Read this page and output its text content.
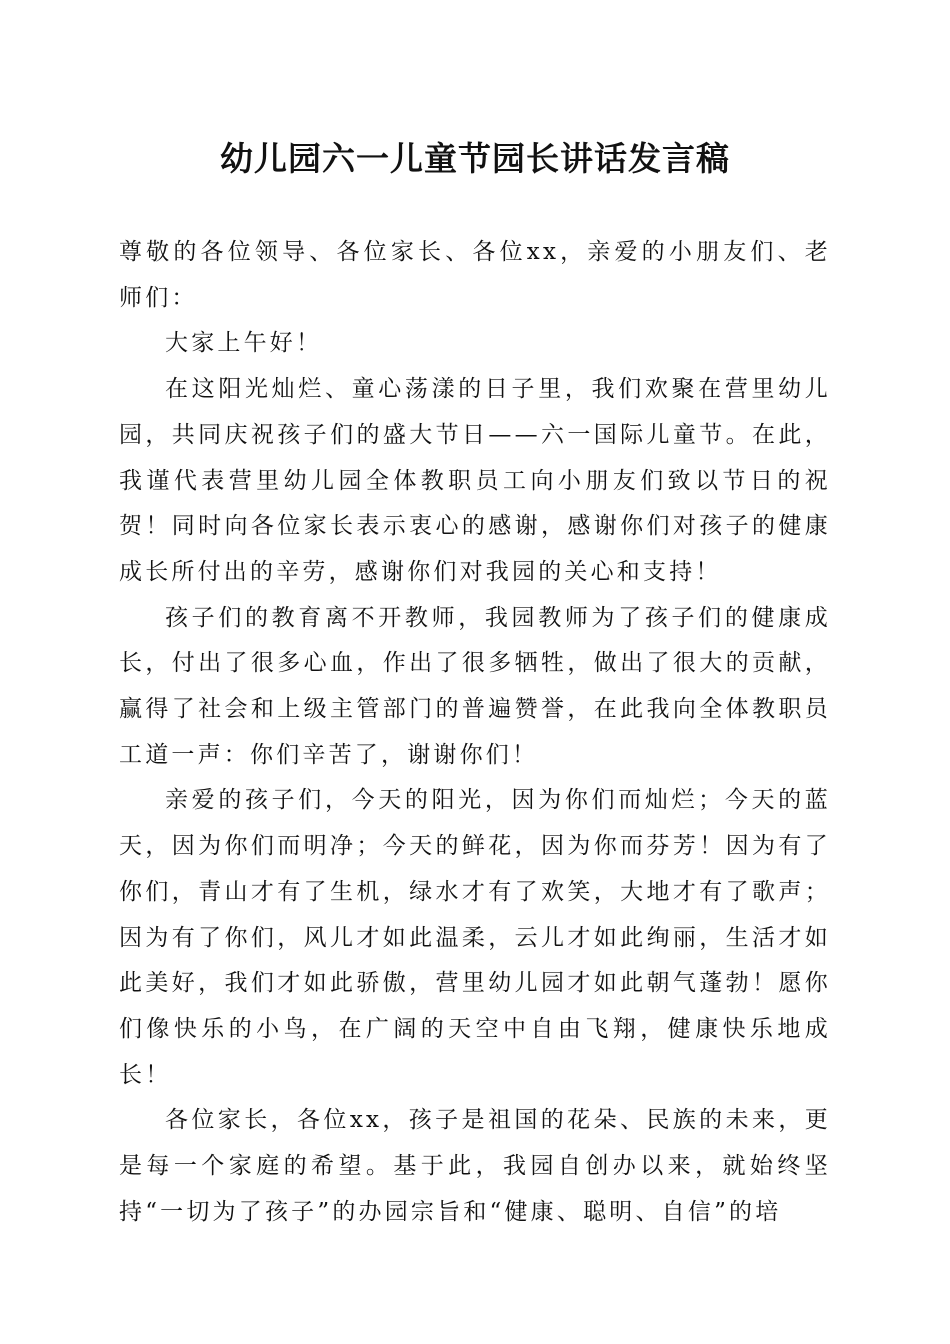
幼儿园六一儿童节园长讲话发言稿

尊敬的各位领导、各位家长、各位xx，亲爱的小朋友们、老师们：

大家上午好！

在这阳光灿烂、童心荡漾的日子里，我们欢聚在营里幼儿园，共同庆祝孩子们的盛大节日——六一国际儿童节。在此，我谨代表营里幼儿园全体教职员工向小朋友们致以节日的祝贺！同时向各位家长表示衷心的感谢，感谢你们对孩子的健康成长所付出的辛劳，感谢你们对我园的关心和支持！

孩子们的教育离不开教师，我园教师为了孩子们的健康成长，付出了很多心血，作出了很多牺牲，做出了很大的贡献，赢得了社会和上级主管部门的普遍赞誉，在此我向全体教职员工道一声：你们辛苦了，谢谢你们！

亲爱的孩子们，今天的阳光，因为你们而灿烂；今天的蓝天，因为你们而明净；今天的鲜花，因为你而芬芳！因为有了你们，青山才有了生机，绿水才有了欢笑，大地才有了歌声；因为有了你们，风儿才如此温柔，云儿才如此绚丽，生活才如此美好，我们才如此骄傲，营里幼儿园才如此朝气蓬勃！愿你们像快乐的小鸟，在广阔的天空中自由飞翔，健康快乐地成长！

各位家长，各位xx，孩子是祖国的花朵、民族的未来，更是每一个家庭的希望。基于此，我园自创办以来，就始终坚持“一切为了孩子”的办园宗旨和“健康、聪明、自信”的培
